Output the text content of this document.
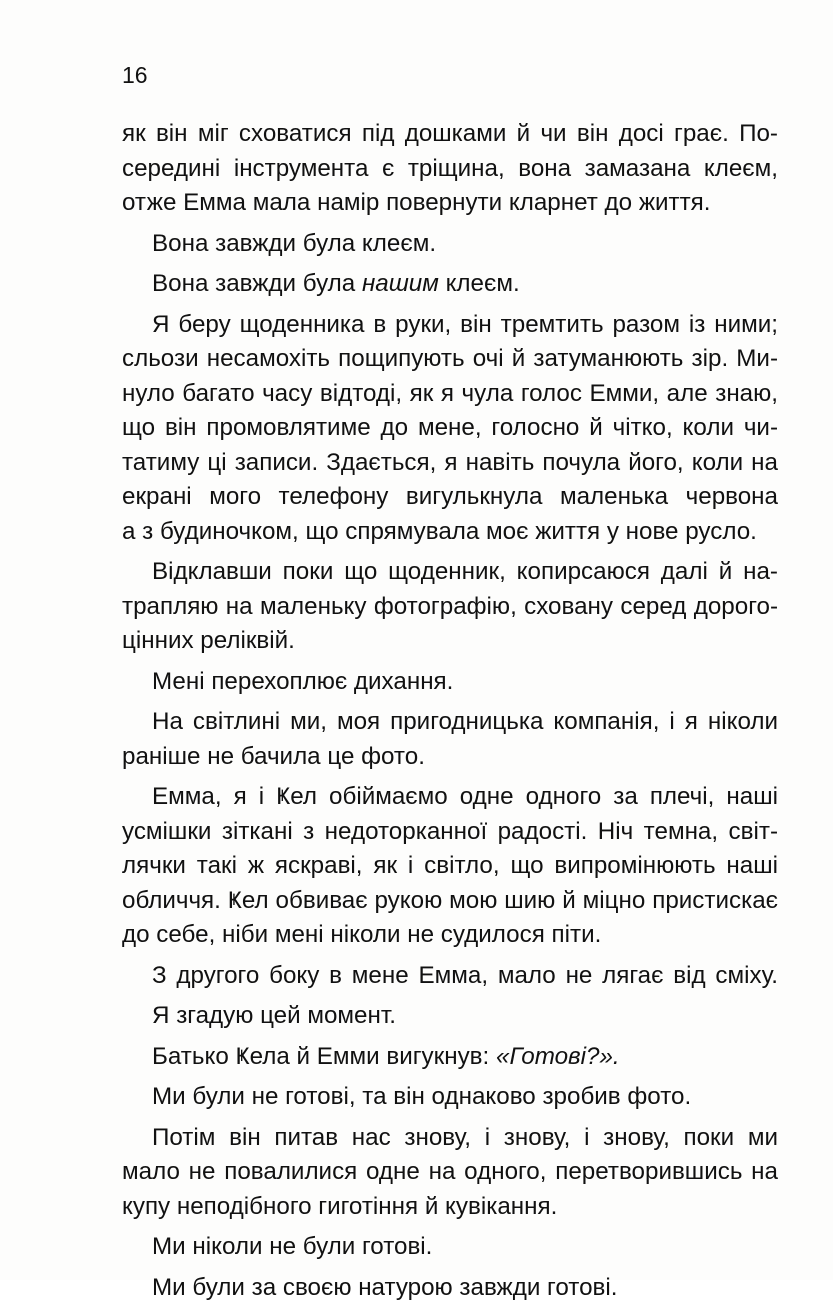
16
як він міг сховатися під дошками й чи він досі грає. По-
середині інструмента є тріщина, вона замазана клеєм,
отже Емма мала намір повернути кларнет до життя.
Вона завжди була клеєм.
Вона завжди була нашим клеєм.
Я беру щоденника в руки, він тремтить разом із ними;
сльози несамохіть пощипують очі й затуманюють зір. Ми-
нуло багато часу відтоді, як я чула голос Емми, але знаю,
що він промовлятиме до мене, голосно й чітко, коли чи-
татиму ці записи. Здається, я навіть почула його, коли на
екрані мого телефону вигулькнула маленька червона
а з будиночком, що спрямувала моє життя у нове русло.
Відклавши поки що щоденник, копирсаюся далі й на-
трапляю на маленьку фотографію, сховану серед дорого-
цінних реліквій.
Мені перехоплює дихання.
На світлині ми, моя пригодницька компанія, і я ніколи
раніше не бачила це фото.
Емма, я і Ҝел обіймаємо одне одного за плечі, наші
усмішки зіткані з недоторканної радості. Ніч темна, світ-
лячки такі ж яскраві, як і світло, що випромінюють наші
обличчя. Ҝел обвиває рукою мою шию й міцно пристискає
до себе, ніби мені ніколи не судилося піти.
З другого боку в мене Емма, мало не лягає від сміху.
Я згадую цей момент.
Батько Ҝела й Емми вигукнув: «Готові?».
Ми були не готові, та він однаково зробив фото.
Потім він питав нас знову, і знову, і знову, поки ми
мало не повалилися одне на одного, перетворившись на
купу неподібного гиготіння й кувікання.
Ми ніколи не були готові.
Ми були за своєю натурою завжди готові.
